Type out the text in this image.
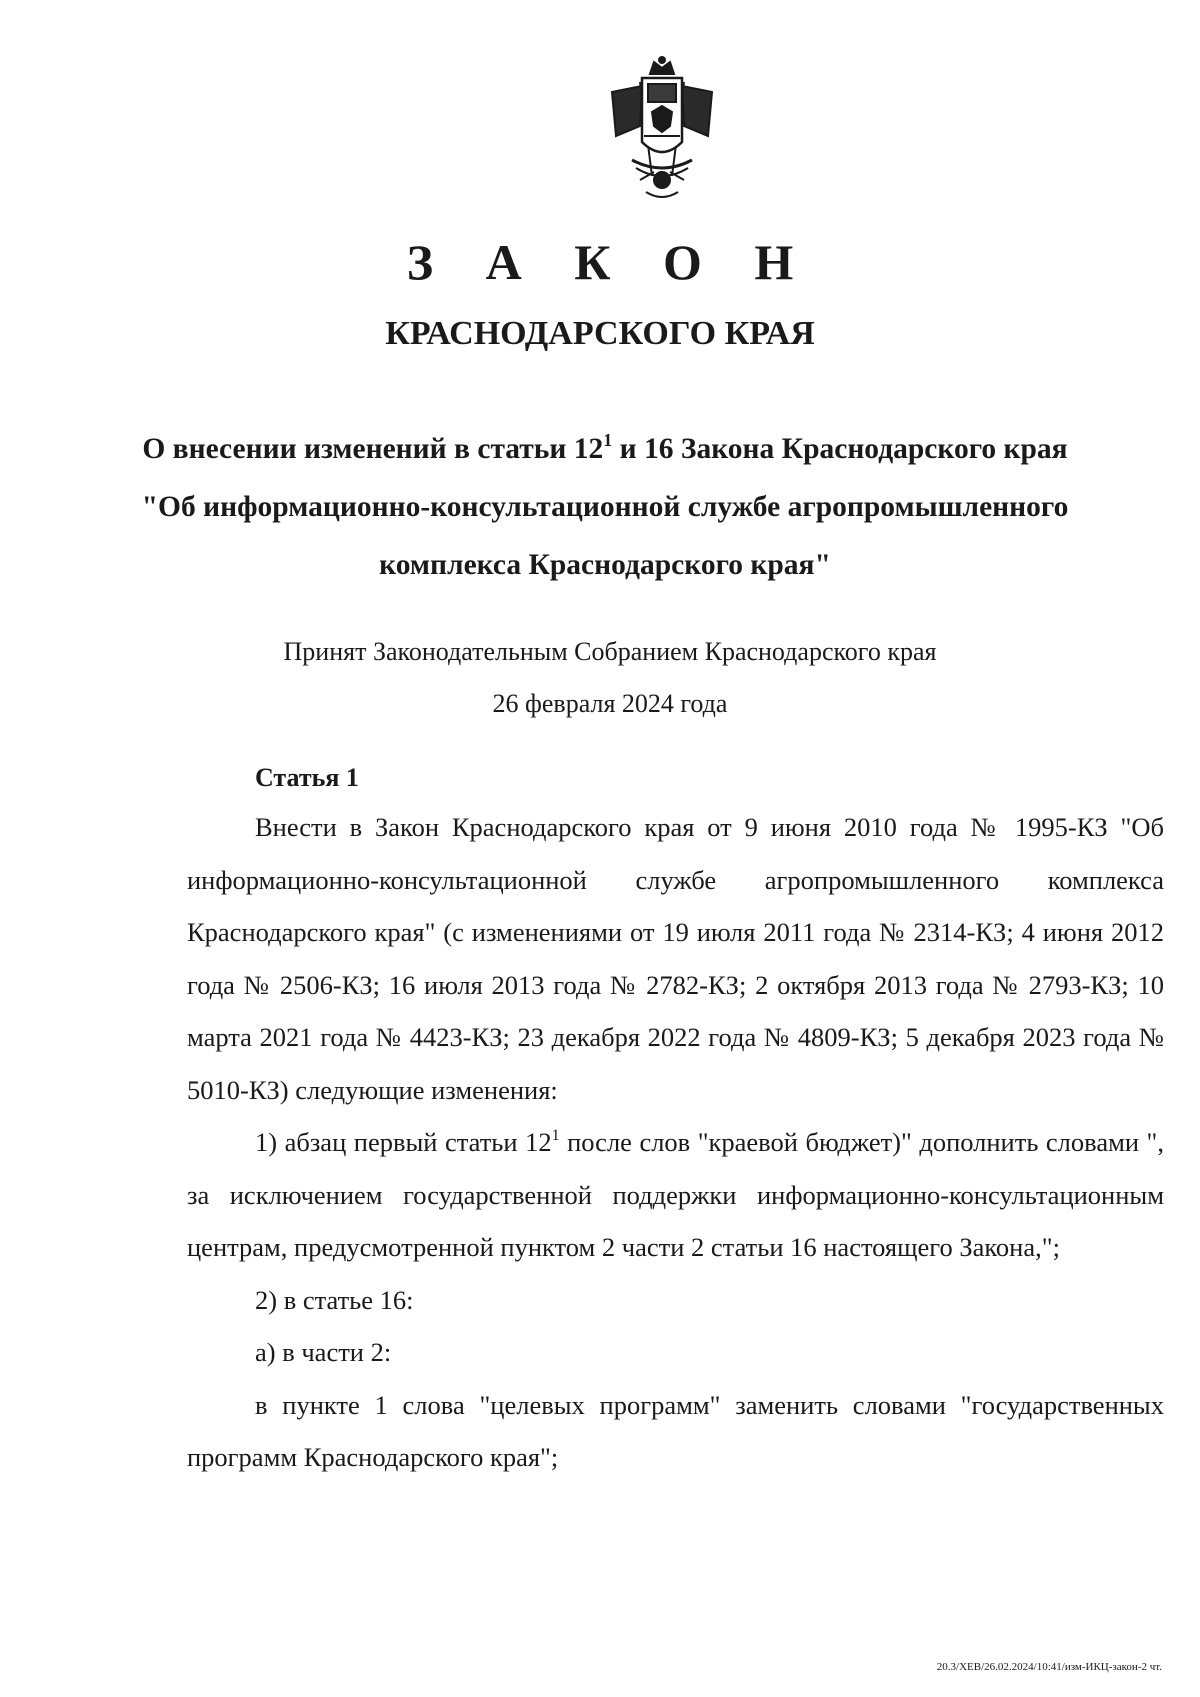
З А К О Н
КРАСНОДАРСКОГО КРАЯ
О внесении изменений в статьи $12^1$ и 16 Закона Краснодарского края "Об информационно-консультационной службе агропромышленного комплекса Краснодарского края"
Принят Законодательным Собранием Краснодарского края
26 февраля 2024 года
Статья 1

Внести в Закон Краснодарского края от 9 июня 2010 года № 1995-КЗ "Об информационно-консультационной службе агропромышленного комплекса Краснодарского края" (с изменениями от 19 июля 2011 года № 2314-КЗ; 4 июня 2012 года № 2506-КЗ; 16 июля 2013 года № 2782-КЗ; 2 октября 2013 года № 2793-КЗ; 10 марта 2021 года № 4423-КЗ; 23 декабря 2022 года № 4809-КЗ; 5 декабря 2023 года № 5010-КЗ) следующие изменения:

1) абзац первый статьи $12^1$ после слов "краевой бюджет)" дополнить словами ", за исключением государственной поддержки информационно-консультационным центрам, предусмотренной пунктом 2 части 2 статьи 16 настоящего Закона,";

2) в статье 16:

а) в части 2:

в пункте 1 слова "целевых программ" заменить словами "государственных программ Краснодарского края";

20.3/ХЕВ/26.02.2024/10:41/изм-ИКЦ-закон-2 чт.
